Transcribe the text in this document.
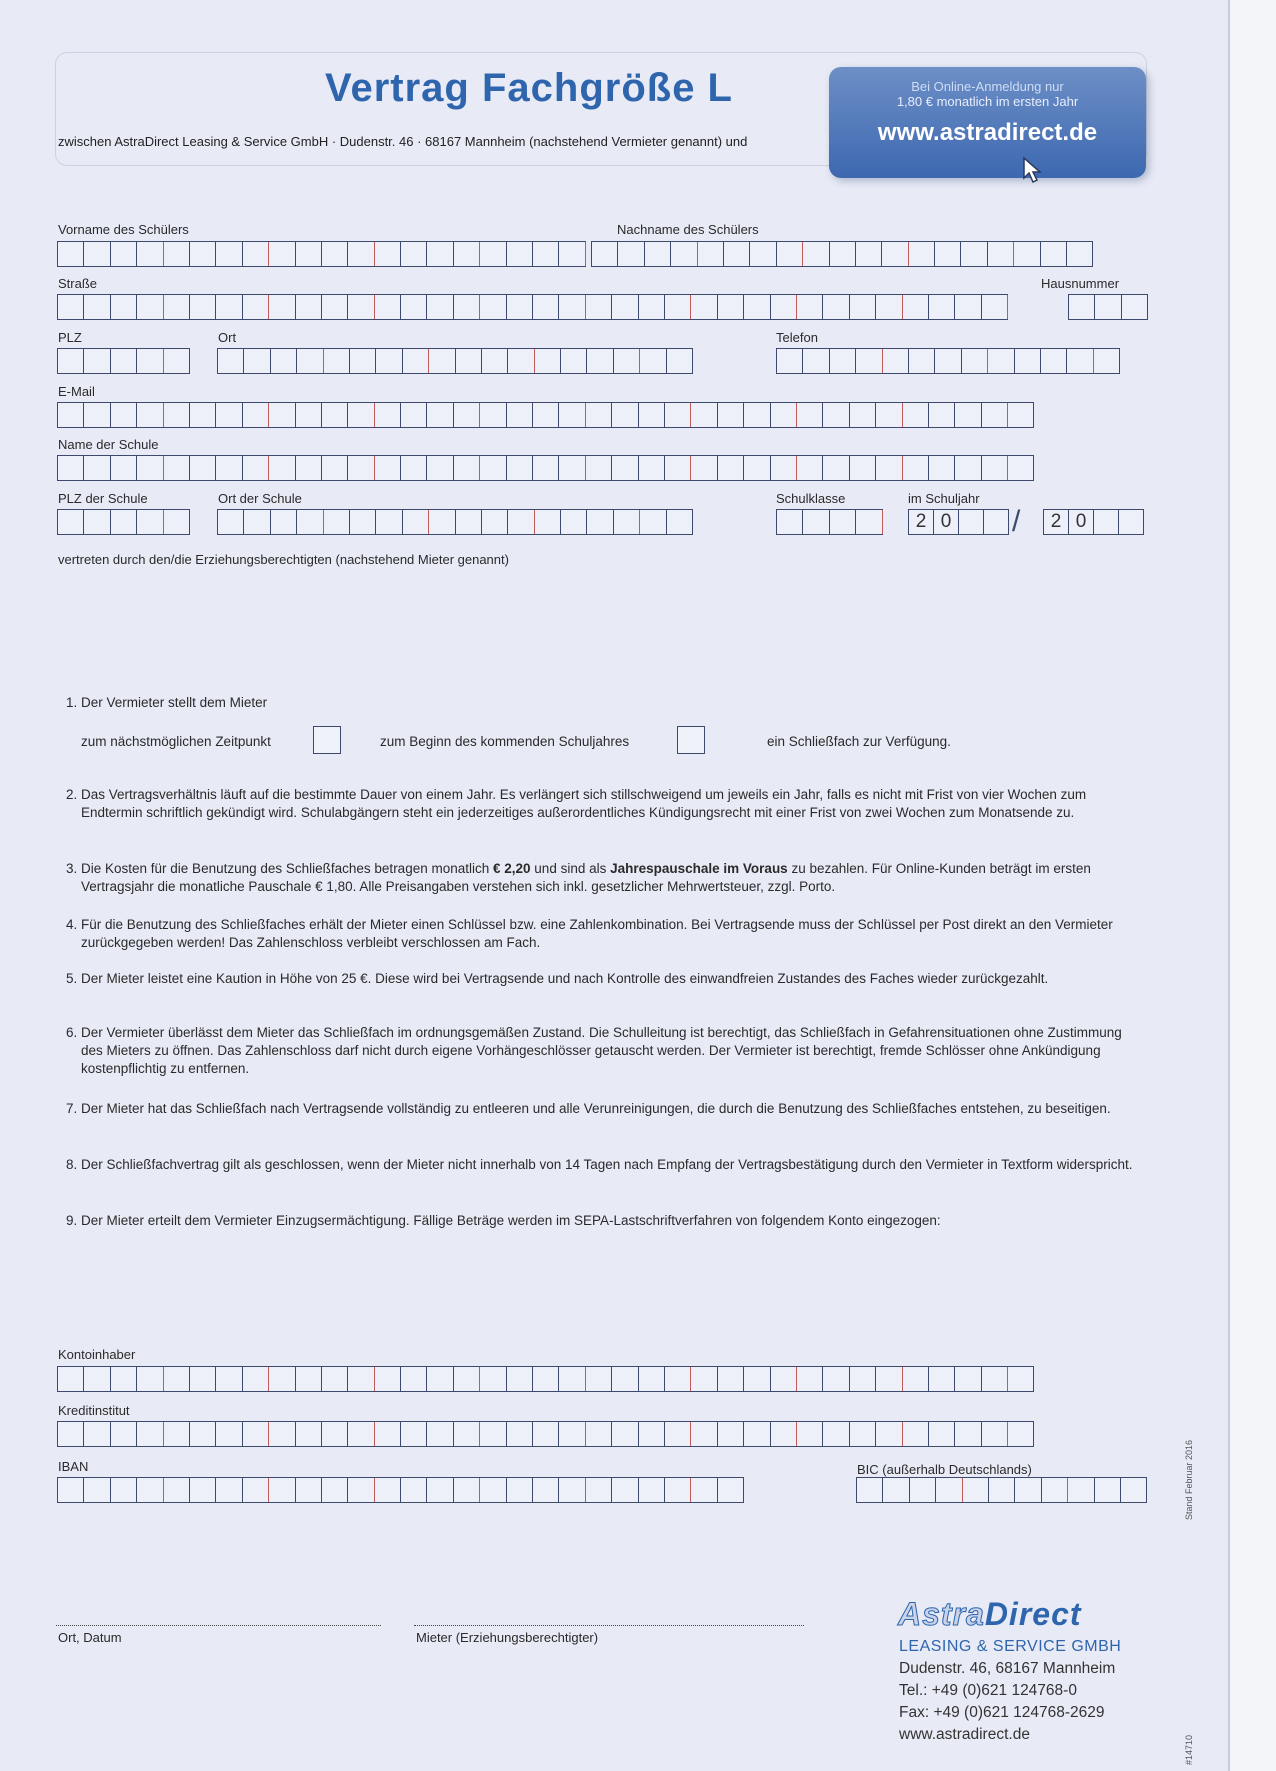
Vertrag Fachgröße L
zwischen AstraDirect Leasing & Service GmbH · Dudenstr. 46 · 68167 Mannheim (nachstehend Vermieter genannt) und
Bei Online-Anmeldung nur
1,80 € monatlich im ersten Jahr
www.astradirect.de
Vorname des Schülers	Nachname des Schülers
Straße	Hausnummer
PLZ	Ort	Telefon
E-Mail
Name der Schule
PLZ der Schule	Ort der Schule	Schulklasse	im Schuljahr
2 0 /	2 0
vertreten durch den/die Erziehungsberechtigten (nachstehend Mieter genannt)
1. Der Vermieter stellt dem Mieter
zum nächstmöglichen Zeitpunkt	zum Beginn des kommenden Schuljahres	ein Schließfach zur Verfügung.
2. Das Vertragsverhältnis läuft auf die bestimmte Dauer von einem Jahr. Es verlängert sich stillschweigend um jeweils ein Jahr, falls es nicht mit Frist von vier Wochen zum Endtermin schriftlich gekündigt wird. Schulabgängern steht ein jederzeitiges außerordentliches Kündigungsrecht mit einer Frist von zwei Wochen zum Monatsende zu.
3. Die Kosten für die Benutzung des Schließfaches betragen monatlich € 2,20 und sind als Jahrespauschale im Voraus zu bezahlen. Für Online-Kunden beträgt im ersten Vertragsjahr die monatliche Pauschale € 1,80. Alle Preisangaben verstehen sich inkl. gesetzlicher Mehrwertsteuer, zzgl. Porto.
4. Für die Benutzung des Schließfaches erhält der Mieter einen Schlüssel bzw. eine Zahlenkombination. Bei Vertragsende muss der Schlüssel per Post direkt an den Vermieter zurückgegeben werden! Das Zahlenschloss verbleibt verschlossen am Fach.
5. Der Mieter leistet eine Kaution in Höhe von 25 €. Diese wird bei Vertragsende und nach Kontrolle des einwandfreien Zustandes des Faches wieder zurückgezahlt.
6. Der Vermieter überlässt dem Mieter das Schließfach im ordnungsgemäßen Zustand. Die Schulleitung ist berechtigt, das Schließfach in Gefahrensituationen ohne Zustimmung des Mieters zu öffnen. Das Zahlenschloss darf nicht durch eigene Vorhängeschlösser getauscht werden. Der Vermieter ist berechtigt, fremde Schlösser ohne Ankündigung kostenpflichtig zu entfernen.
7. Der Mieter hat das Schließfach nach Vertragsende vollständig zu entleeren und alle Verunreinigungen, die durch die Benutzung des Schließfaches entstehen, zu beseitigen.
8. Der Schließfachvertrag gilt als geschlossen, wenn der Mieter nicht innerhalb von 14 Tagen nach Empfang der Vertragsbestätigung durch den Vermieter in Textform widerspricht.
9. Der Mieter erteilt dem Vermieter Einzugsermächtigung. Fällige Beträge werden im SEPA-Lastschriftverfahren von folgendem Konto eingezogen:
Kontoinhaber
Kreditinstitut
IBAN	BIC (außerhalb Deutschlands)
Ort, Datum	Mieter (Erziehungsberechtigter)
AstraDirect
LEASING & SERVICE GMBH
Dudenstr. 46, 68167 Mannheim
Tel.: +49 (0)621 124768-0
Fax: +49 (0)621 124768-2629
www.astradirect.de
Stand Februar 2016
#14710
